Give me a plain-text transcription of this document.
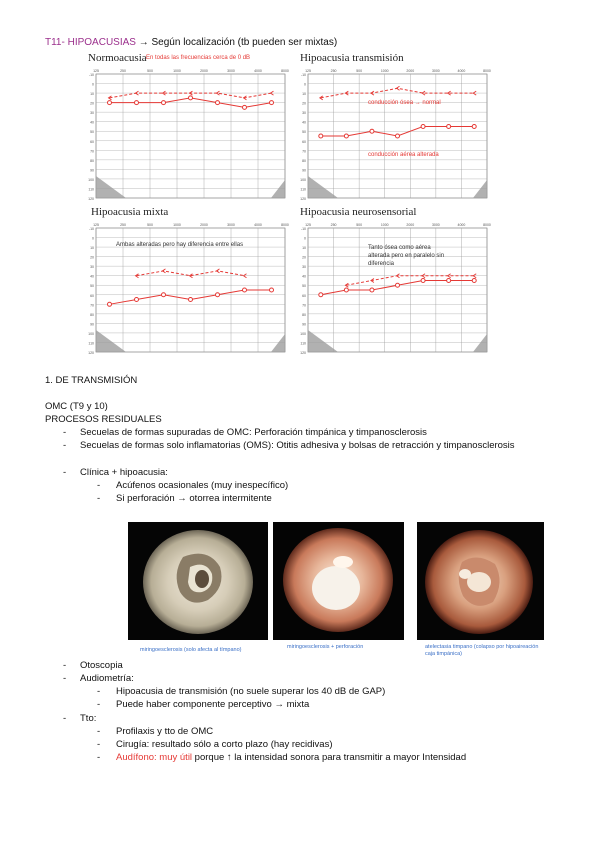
T11- HIPOACUSIAS → Según localización (tb pueden ser mixtas)
Normoacusia En todas las frecuencias cerca de 0 dB
-10
0
10
20
30
40
50
60
70
80
90
100
110
120
125	250	500	1000	2000	3000	4000	8000
Hipoacusia transmisión
-10
0
10
20
30
40
50
60
70
80
90
100
110
120
125	250	500	1000	2000	3000	4000	8000
conducción ósea → normal
conducción aérea alterada
Hipoacusia mixta
-10
0
10
20
30
40
50
60
70
80
90
100
110
120
125	250	500	1000	2000	3000	4000	8000
Ambas alteradas pero hay diferencia entre ellas
Hipoacusia neurosensorial
-10
0
10
20
30
40
50
60
70
80
90
100
110
120
125	250	500	1000	2000	3000	4000	8000
Tanto ósea como aérea alterada pero en paralelo sin diferencia
1. DE TRANSMISIÓN
OMC (T9 y 10)
PROCESOS RESIDUALES
- Secuelas de formas supuradas de OMC: Perforación timpánica y timpanosclerosis
- Secuelas de formas solo inflamatorias (OMS): Otitis adhesiva y bolsas de retracción y timpanosclerosis
- Clínica + hipoacusia:
- Acúfenos ocasionales (muy inespecífico)
- Si perforación → otorrea intermitente
miringoesclerosis (solo afecta al tímpano)	miringoesclerosis + perforación	atelectasia timpano (colapso por hipoaireación caja timpánica)
- Otoscopia
- Audiometría:
- Hipoacusia de transmisión (no suele superar los 40 dB de GAP)
- Puede haber componente perceptivo → mixta
- Tto:
- Profilaxis y tto de OMC
- Cirugía: resultado sólo a corto plazo (hay recidivas)
- Audífono: muy útil porque ↑ la intensidad sonora para transmitir a mayor Intensidad
